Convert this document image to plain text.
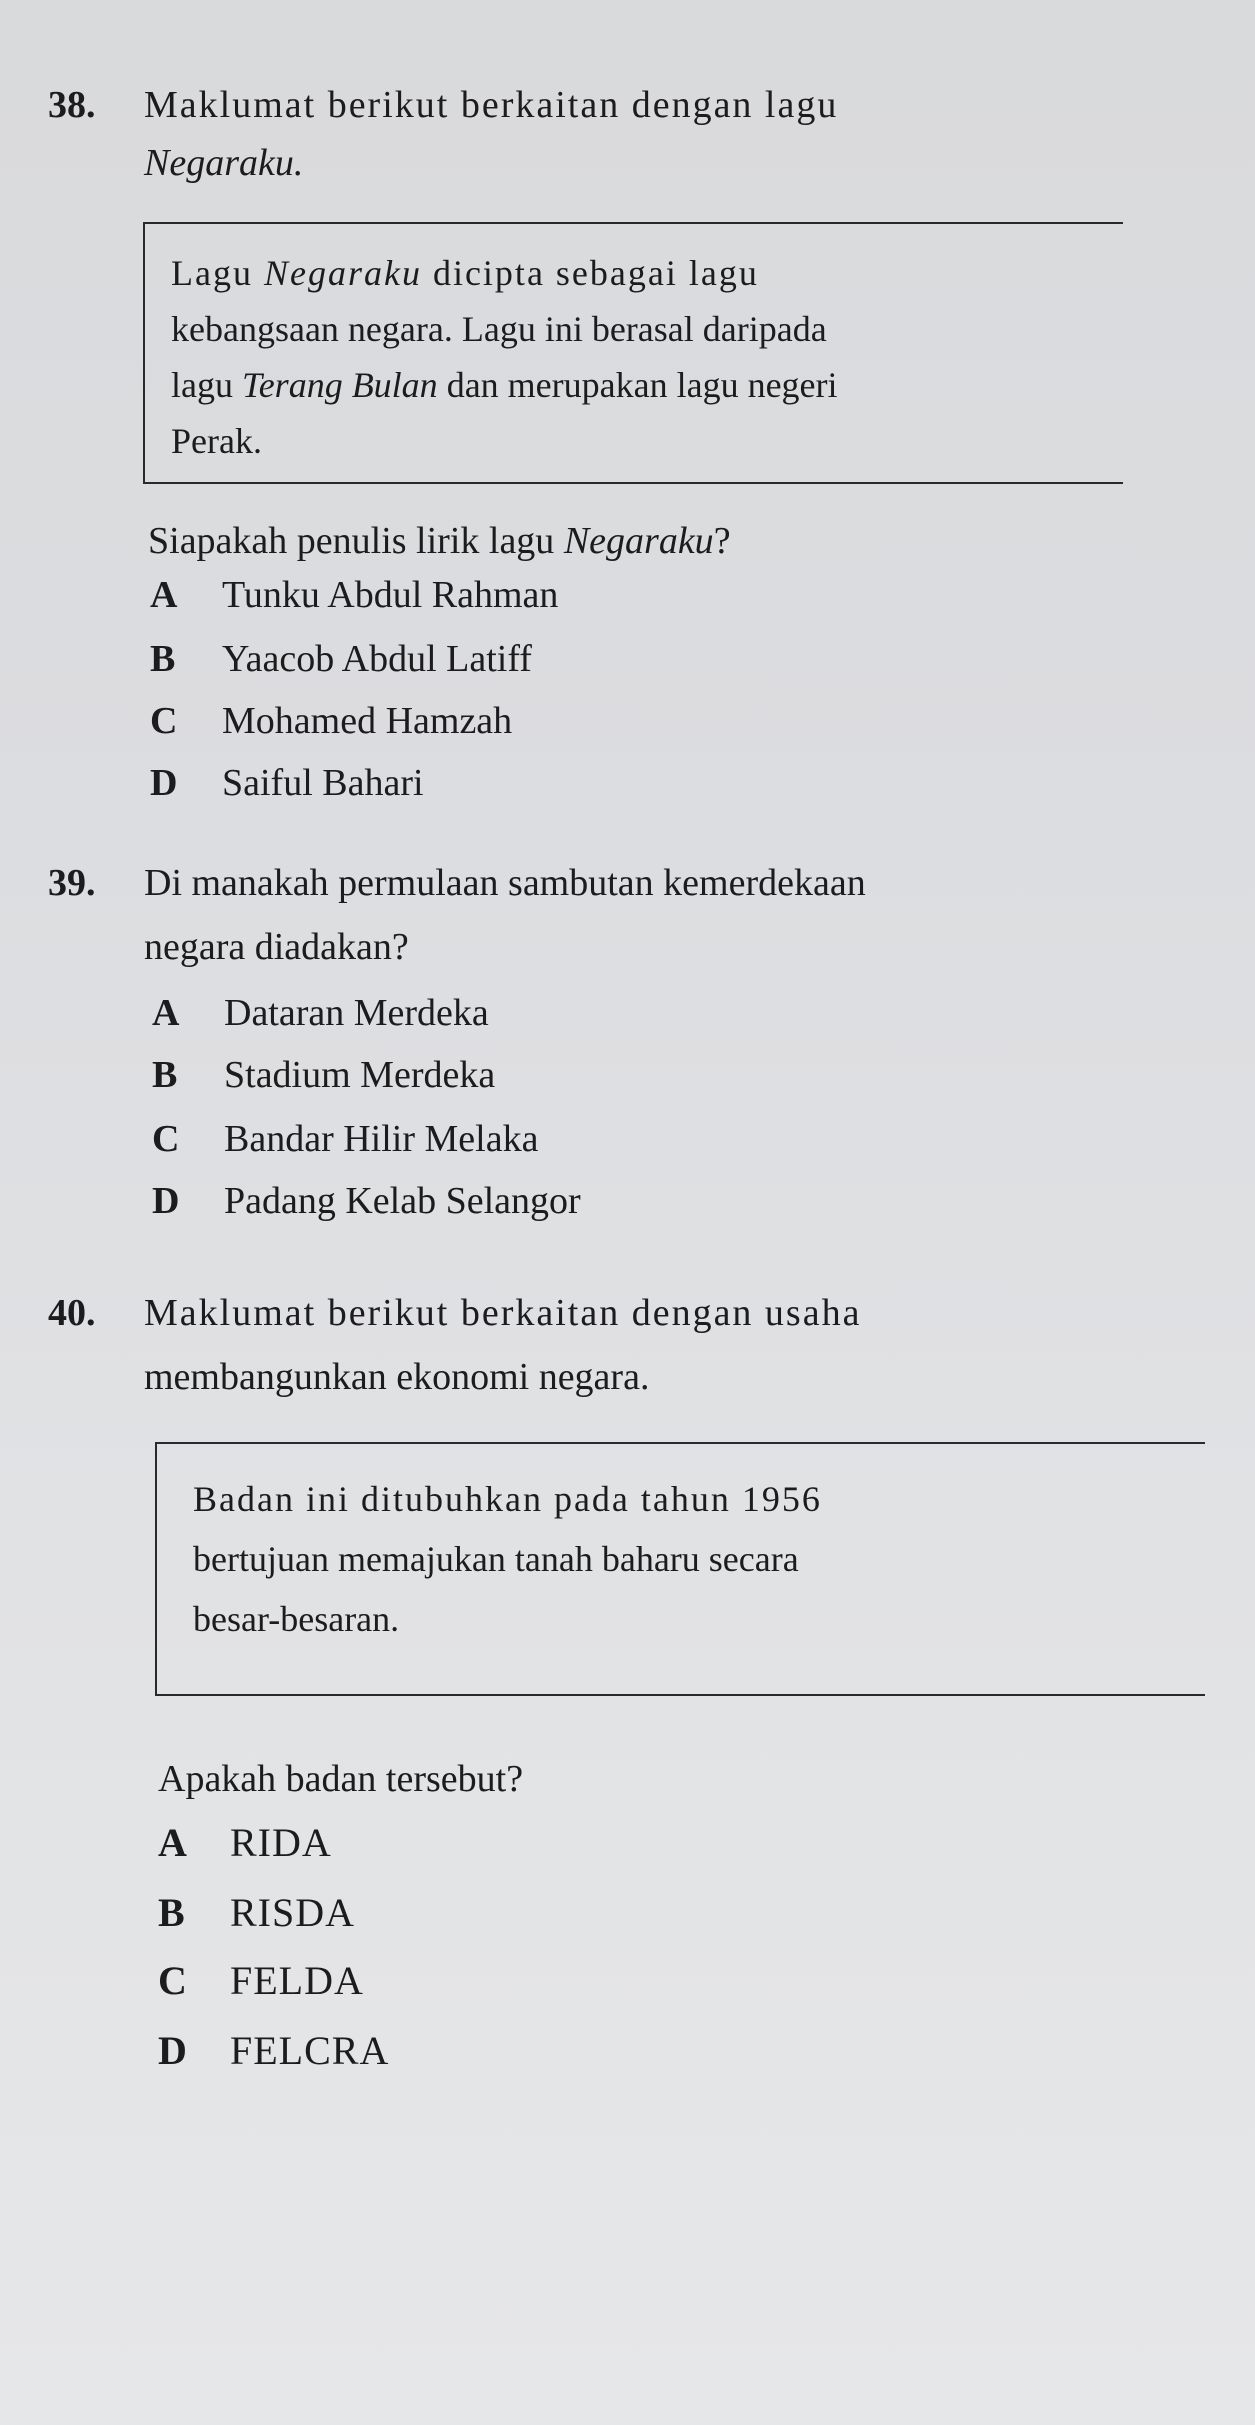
38. Maklumat berikut berkaitan dengan lagu
Negaraku.
Lagu Negaraku dicipta sebagai lagu
kebangsaan negara. Lagu ini berasal daripada
lagu Terang Bulan dan merupakan lagu negeri
Perak.
Siapakah penulis lirik lagu Negaraku?
A Tunku Abdul Rahman
B Yaacob Abdul Latiff
C Mohamed Hamzah
D Saiful Bahari
39. Di manakah permulaan sambutan kemerdekaan
negara diadakan?
A Dataran Merdeka
B Stadium Merdeka
C Bandar Hilir Melaka
D Padang Kelab Selangor
40. Maklumat berikut berkaitan dengan usaha
membangunkan ekonomi negara.
Badan ini ditubuhkan pada tahun 1956
bertujuan memajukan tanah baharu secara
besar-besaran.
Apakah badan tersebut?
A RIDA
B RISDA
C FELDA
D FELCRA
